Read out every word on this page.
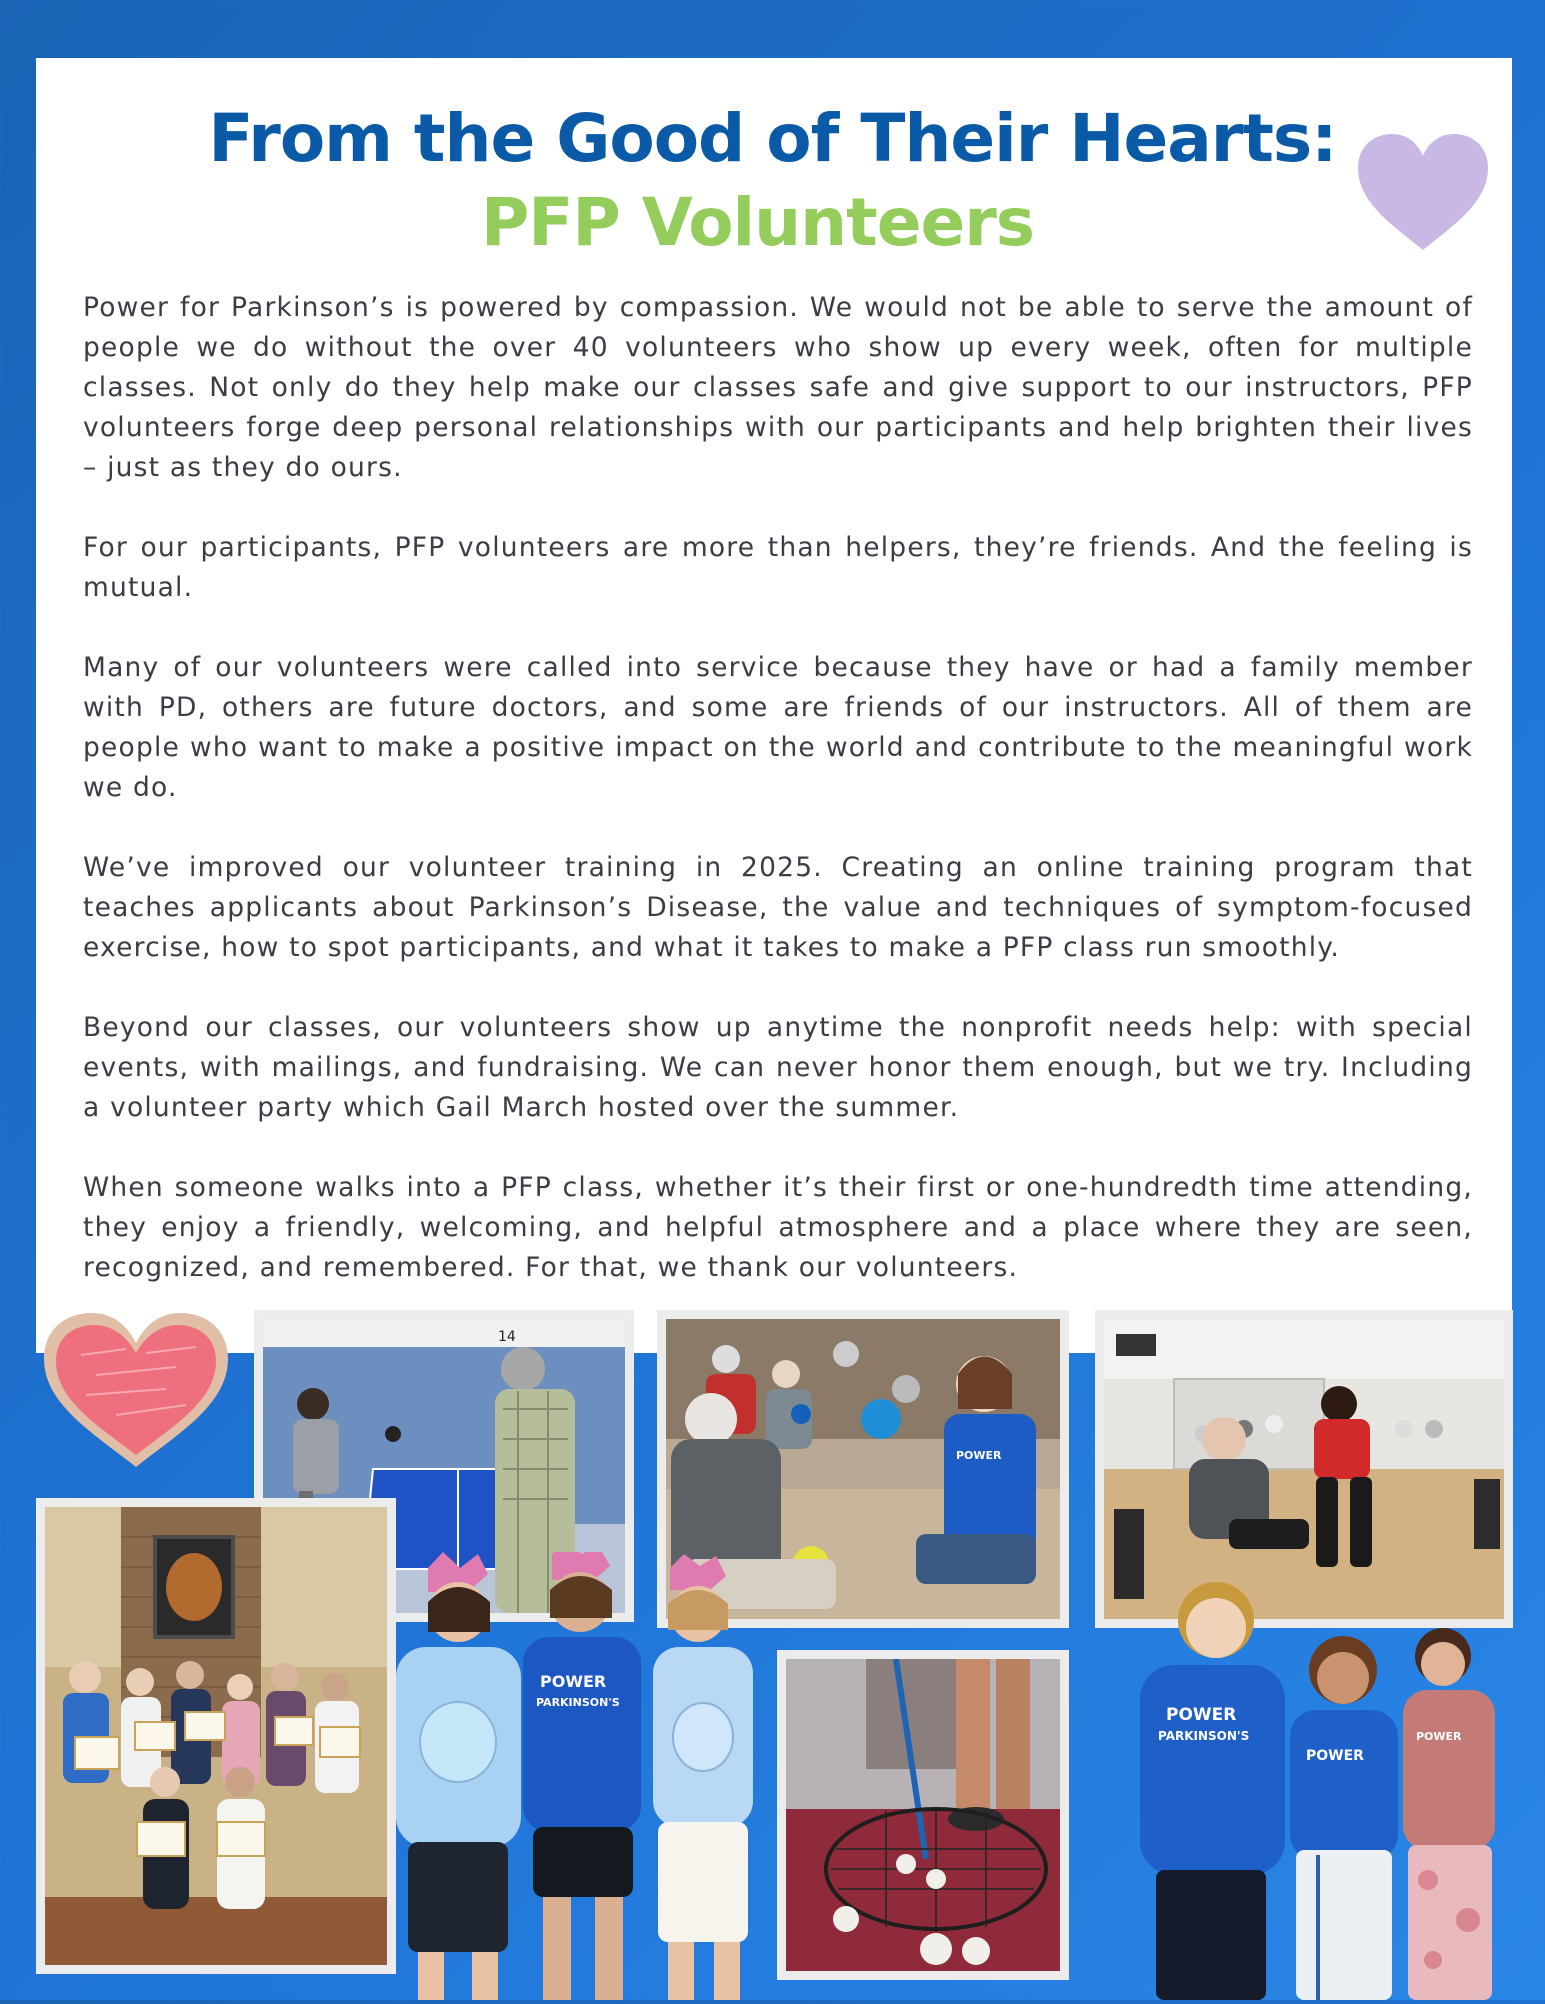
From the Good of Their Hearts:
PFP Volunteers

Power for Parkinson’s is powered by compassion. We would not be able to serve the amount of people we do without the over 40 volunteers who show up every week, often for multiple classes. Not only do they help make our classes safe and give support to our instructors, PFP volunteers forge deep personal relationships with our participants and help brighten their lives – just as they do ours.

For our participants, PFP volunteers are more than helpers, they’re friends. And the feeling is mutual.

Many of our volunteers were called into service because they have or had a family member with PD, others are future doctors, and some are friends of our instructors. All of them are people who want to make a positive impact on the world and contribute to the meaningful work we do.

We’ve improved our volunteer training in 2025. Creating an online training program that teaches applicants about Parkinson’s Disease, the value and techniques of symptom-focused exercise, how to spot participants, and what it takes to make a PFP class run smoothly.

Beyond our classes, our volunteers show up anytime the nonprofit needs help: with special events, with mailings, and fundraising. We can never honor them enough, but we try. Including a volunteer party which Gail March hosted over the summer.

When someone walks into a PFP class, whether it’s their first or one-hundredth time attending, they enjoy a friendly, welcoming, and helpful atmosphere and a place where they are seen, recognized, and remembered. For that, we thank our volunteers.

14
POWER
POWER
PARKINSON'S
POWER
PARKINSON'S
POWER
POWER
